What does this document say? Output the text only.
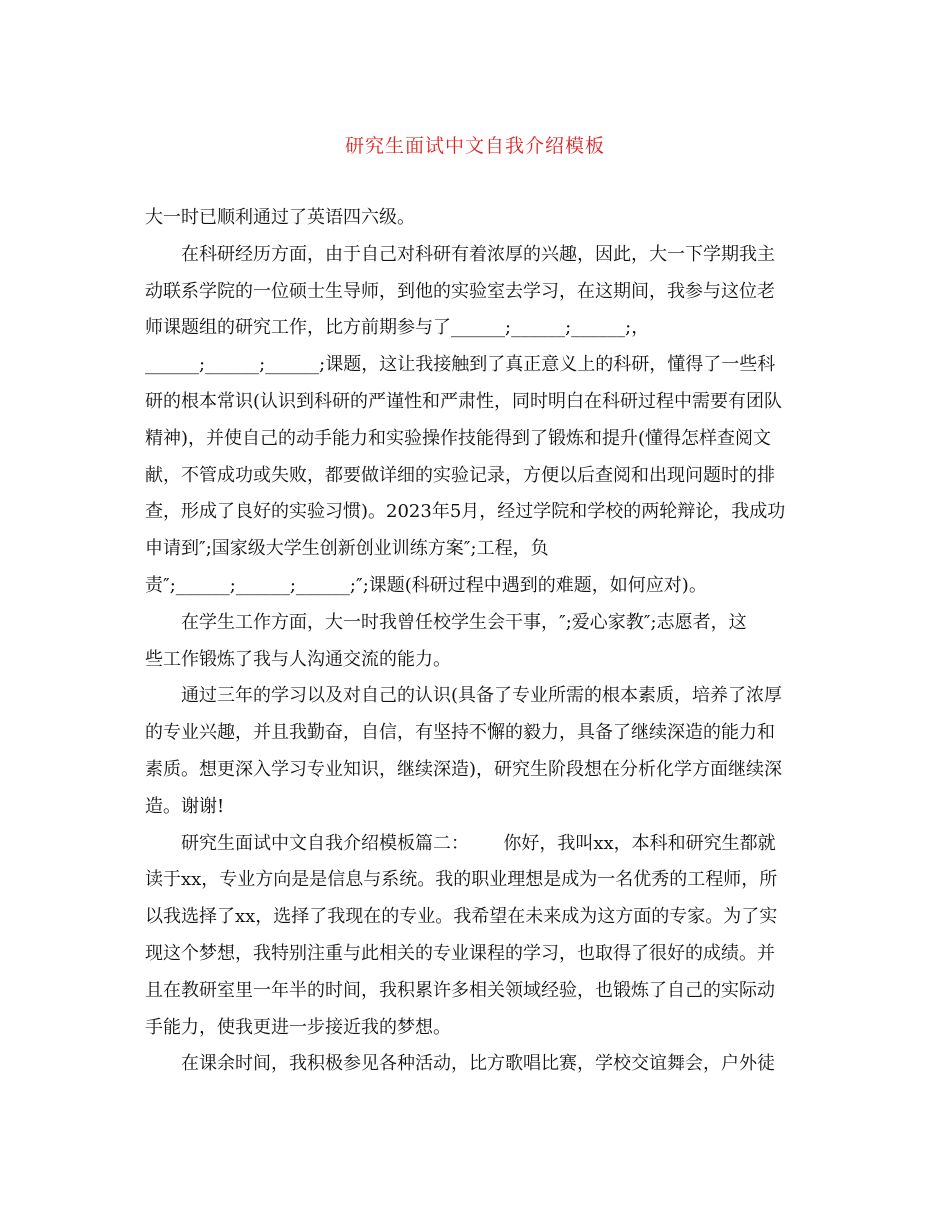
研究生面试中文自我介绍模板
大一时已顺利通过了英语四六级。
在科研经历方面，由于自己对科研有着浓厚的兴趣，因此，大一下学期我主
动联系学院的一位硕士生导师，到他的实验室去学习，在这期间，我参与这位老
师课题组的研究工作，比方前期参与了______;______;______;，
______;______;______;课题，这让我接触到了真正意义上的科研，懂得了一些科
研的根本常识(认识到科研的严谨性和严肃性，同时明白在科研过程中需要有团队
精神)，并使自己的动手能力和实验操作技能得到了锻炼和提升(懂得怎样查阅文
献，不管成功或失败，都要做详细的实验记录，方便以后查阅和出现问题时的排
查，形成了良好的实验习惯)。2023年5月，经过学院和学校的两轮辩论，我成功
申请到″;国家级大学生创新创业训练方案″;工程，负
责″;______;______;______;″;课题(科研过程中遇到的难题，如何应对)。
在学生工作方面，大一时我曾任校学生会干事，″;爱心家教″;志愿者，这
些工作锻炼了我与人沟通交流的能力。
通过三年的学习以及对自己的认识(具备了专业所需的根本素质，培养了浓厚
的专业兴趣，并且我勤奋，自信，有坚持不懈的毅力，具备了继续深造的能力和
素质。想更深入学习专业知识，继续深造)，研究生阶段想在分析化学方面继续深
造。谢谢!
研究生面试中文自我介绍模板篇二：      你好，我叫xx，本科和研究生都就
读于xx，专业方向是是信息与系统。我的职业理想是成为一名优秀的工程师，所
以我选择了xx，选择了我现在的专业。我希望在未来成为这方面的专家。为了实
现这个梦想，我特别注重与此相关的专业课程的学习，也取得了很好的成绩。并
且在教研室里一年半的时间，我积累许多相关领域经验，也锻炼了自己的实际动
手能力，使我更进一步接近我的梦想。
在课余时间，我积极参见各种活动，比方歌唱比赛，学校交谊舞会，户外徒
